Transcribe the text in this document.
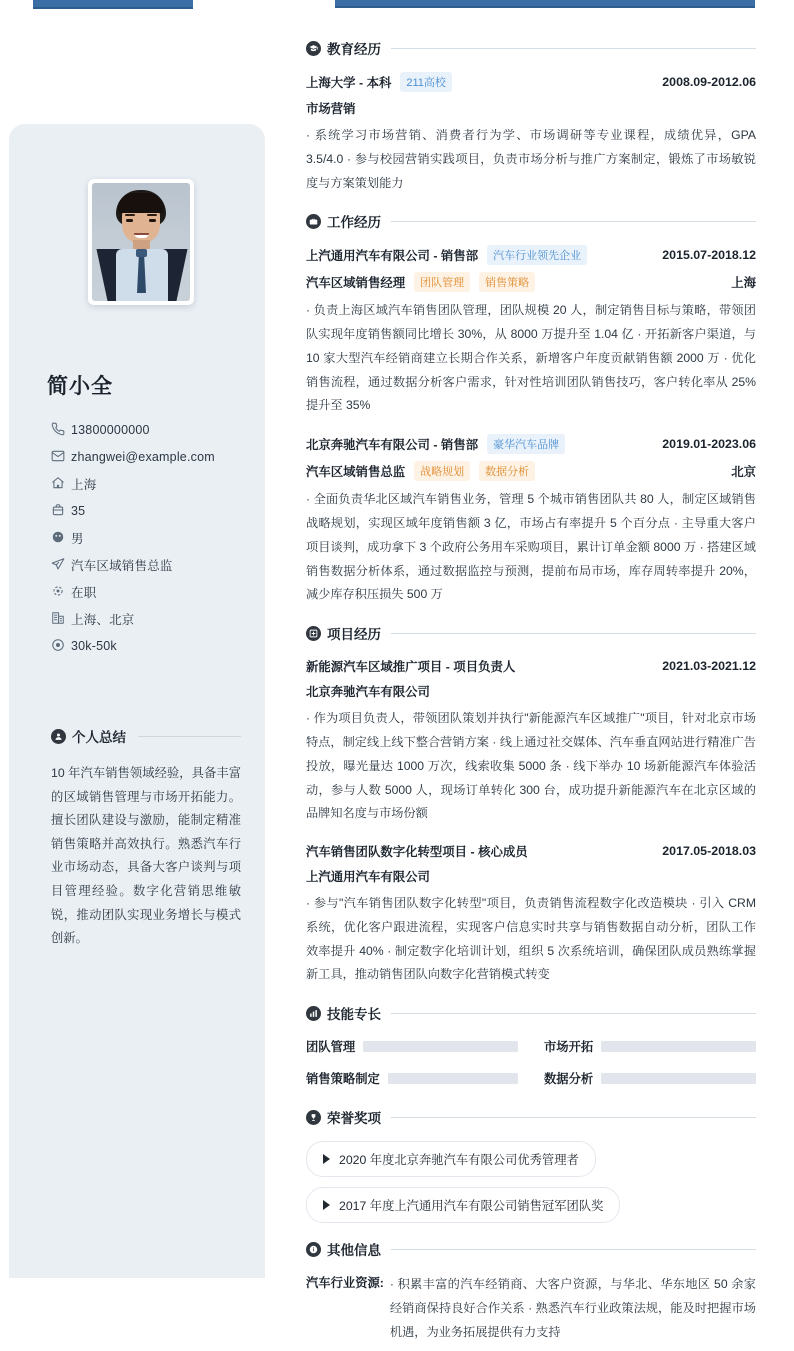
简小全
13800000000
zhangwei@example.com
上海
35
男
汽车区域销售总监
在职
上海、北京
30k-50k
个人总结
10 年汽车销售领域经验，具备丰富的区域销售管理与市场开拓能力。擅长团队建设与激励，能制定精准销售策略并高效执行。熟悉汽车行业市场动态，具备大客户谈判与项目管理经验。数字化营销思维敏锐，推动团队实现业务增长与模式创新。
教育经历
上海大学 - 本科	211高校	2008.09-2012.06
市场营销
· 系统学习市场营销、消费者行为学、市场调研等专业课程，成绩优异，GPA 3.5/4.0 · 参与校园营销实践项目，负责市场分析与推广方案制定，锻炼了市场敏锐度与方案策划能力
工作经历
上汽通用汽车有限公司 - 销售部	汽车行业领先企业	2015.07-2018.12
汽车区域销售经理	团队管理	销售策略	上海
· 负责上海区域汽车销售团队管理，团队规模 20 人，制定销售目标与策略，带领团队实现年度销售额同比增长 30%，从 8000 万提升至 1.04 亿 · 开拓新客户渠道，与 10 家大型汽车经销商建立长期合作关系，新增客户年度贡献销售额 2000 万 · 优化销售流程，通过数据分析客户需求，针对性培训团队销售技巧，客户转化率从 25%提升至 35%
北京奔驰汽车有限公司 - 销售部	豪华汽车品牌	2019.01-2023.06
汽车区域销售总监	战略规划	数据分析	北京
· 全面负责华北区域汽车销售业务，管理 5 个城市销售团队共 80 人，制定区域销售战略规划，实现区域年度销售额 3 亿，市场占有率提升 5 个百分点 · 主导重大客户项目谈判，成功拿下 3 个政府公务用车采购项目，累计订单金额 8000 万 · 搭建区域销售数据分析体系，通过数据监控与预测，提前布局市场，库存周转率提升 20%，减少库存积压损失 500 万
项目经历
新能源汽车区域推广项目 - 项目负责人	2021.03-2021.12
北京奔驰汽车有限公司
· 作为项目负责人，带领团队策划并执行"新能源汽车区域推广"项目，针对北京市场特点，制定线上线下整合营销方案 · 线上通过社交媒体、汽车垂直网站进行精准广告投放，曝光量达 1000 万次，线索收集 5000 条 · 线下举办 10 场新能源汽车体验活动，参与人数 5000 人，现场订单转化 300 台，成功提升新能源汽车在北京区域的品牌知名度与市场份额
汽车销售团队数字化转型项目 - 核心成员	2017.05-2018.03
上汽通用汽车有限公司
· 参与"汽车销售团队数字化转型"项目，负责销售流程数字化改造模块 · 引入 CRM 系统，优化客户跟进流程，实现客户信息实时共享与销售数据自动分析，团队工作效率提升 40% · 制定数字化培训计划，组织 5 次系统培训，确保团队成员熟练掌握新工具，推动销售团队向数字化营销模式转变
技能专长
团队管理	市场开拓
销售策略制定	数据分析
荣誉奖项
2020 年度北京奔驰汽车有限公司优秀管理者
2017 年度上汽通用汽车有限公司销售冠军团队奖
其他信息
汽车行业资源: · 积累丰富的汽车经销商、大客户资源，与华北、华东地区 50 余家经销商保持良好合作关系 · 熟悉汽车行业政策法规，能及时把握市场机遇，为业务拓展提供有力支持
